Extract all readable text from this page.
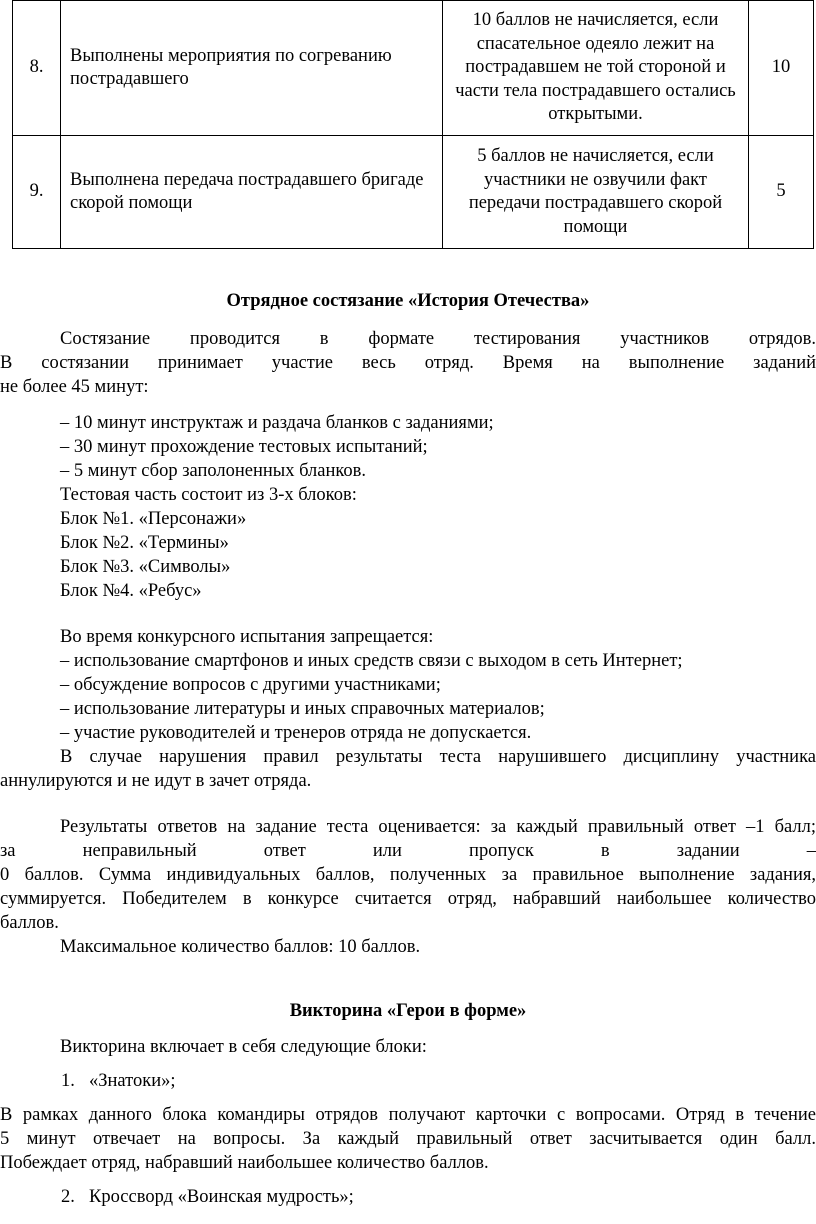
8.	Выполнены мероприятия по согреванию пострадавшего	10 баллов не начисляется, если спасательное одеяло лежит на пострадавшем не той стороной и части тела пострадавшего остались открытыми.	10
9.	Выполнена передача пострадавшего бригаде скорой помощи	5 баллов не начисляется, если участники не озвучили факт передачи пострадавшего скорой помощи	5
Отрядное состязание «История Отечества»
Состязание проводится в формате тестирования участников отрядов.
В состязании принимает участие весь отряд. Время на выполнение заданий
не более 45 минут:
– 10 минут инструктаж и раздача бланков с заданиями;
– 30 минут прохождение тестовых испытаний;
– 5 минут сбор заполоненных бланков.
Тестовая часть состоит из 3-х блоков:
Блок №1. «Персонажи»
Блок №2. «Термины»
Блок №3. «Символы»
Блок №4. «Ребус»
Во время конкурсного испытания запрещается:
– использование смартфонов и иных средств связи с выходом в сеть Интернет;
– обсуждение вопросов с другими участниками;
– использование литературы и иных справочных материалов;
– участие руководителей и тренеров отряда не допускается.
В случае нарушения правил результаты теста нарушившего дисциплину участника
аннулируются и не идут в зачет отряда.
Результаты ответов на задание теста оценивается: за каждый правильный ответ –1 балл;
за неправильный ответ или пропуск в задании –
0 баллов. Сумма индивидуальных баллов, полученных за правильное выполнение задания,
суммируется. Победителем в конкурсе считается отряд, набравший наибольшее количество
баллов.
Максимальное количество баллов: 10 баллов.
Викторина «Герои в форме»
Викторина включает в себя следующие блоки:
1. «Знатоки»;
В рамках данного блока командиры отрядов получают карточки с вопросами. Отряд в течение
5 минут отвечает на вопросы. За каждый правильный ответ засчитывается один балл.
Побеждает отряд, набравший наибольшее количество баллов.
2. Кроссворд «Воинская мудрость»;
